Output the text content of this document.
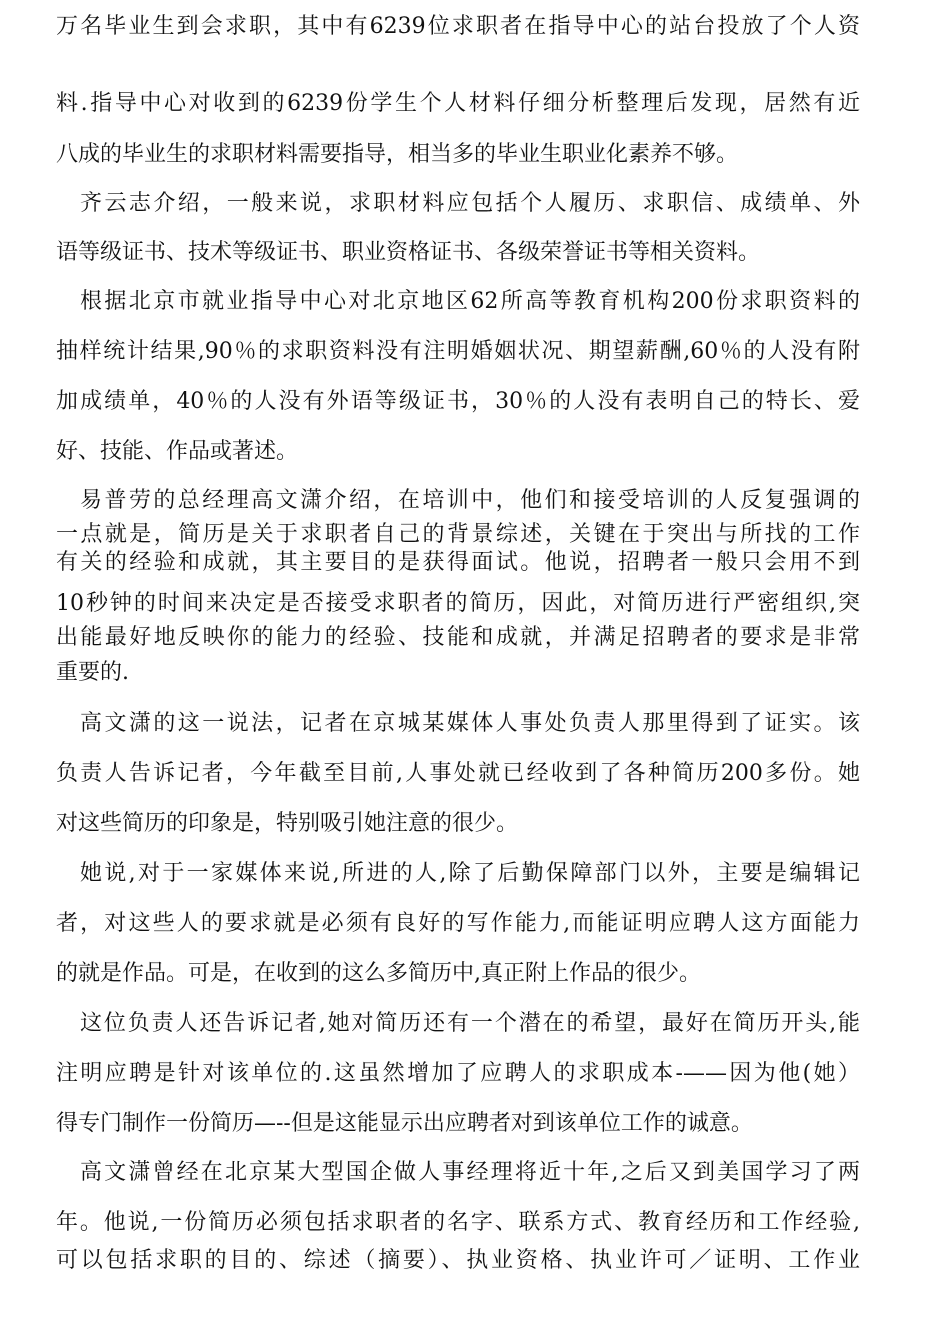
万名毕业生到会求职，其中有6239位求职者在指导中心的站台投放了个人资
料.指导中心对收到的6239份学生个人材料仔细分析整理后发现，居然有近
八成的毕业生的求职材料需要指导，相当多的毕业生职业化素养不够。
齐云志介绍，一般来说，求职材料应包括个人履历、求职信、成绩单、外
语等级证书、技术等级证书、职业资格证书、各级荣誉证书等相关资料。
根据北京市就业指导中心对北京地区62所高等教育机构200份求职资料的
抽样统计结果,90％的求职资料没有注明婚姻状况、期望薪酬,60％的人没有附
加成绩单，40％的人没有外语等级证书，30％的人没有表明自己的特长、爱
好、技能、作品或著述。
易普劳的总经理高文潇介绍，在培训中，他们和接受培训的人反复强调的
一点就是，简历是关于求职者自己的背景综述，关键在于突出与所找的工作
有关的经验和成就，其主要目的是获得面试。他说，招聘者一般只会用不到
10秒钟的时间来决定是否接受求职者的简历，因此，对简历进行严密组织,突
出能最好地反映你的能力的经验、技能和成就，并满足招聘者的要求是非常
重要的.
高文潇的这一说法，记者在京城某媒体人事处负责人那里得到了证实。该
负责人告诉记者，今年截至目前,人事处就已经收到了各种简历200多份。她
对这些简历的印象是，特别吸引她注意的很少。
她说,对于一家媒体来说,所进的人,除了后勤保障部门以外，主要是编辑记
者，对这些人的要求就是必须有良好的写作能力,而能证明应聘人这方面能力
的就是作品。可是，在收到的这么多简历中,真正附上作品的很少。
这位负责人还告诉记者,她对简历还有一个潜在的希望，最好在简历开头,能
注明应聘是针对该单位的.这虽然增加了应聘人的求职成本-——因为他(她）
得专门制作一份简历—--但是这能显示出应聘者对到该单位工作的诚意。
高文潇曾经在北京某大型国企做人事经理将近十年,之后又到美国学习了两
年。他说,一份简历必须包括求职者的名字、联系方式、教育经历和工作经验,
可以包括求职的目的、综述（摘要）、执业资格、执业许可／证明、工作业
